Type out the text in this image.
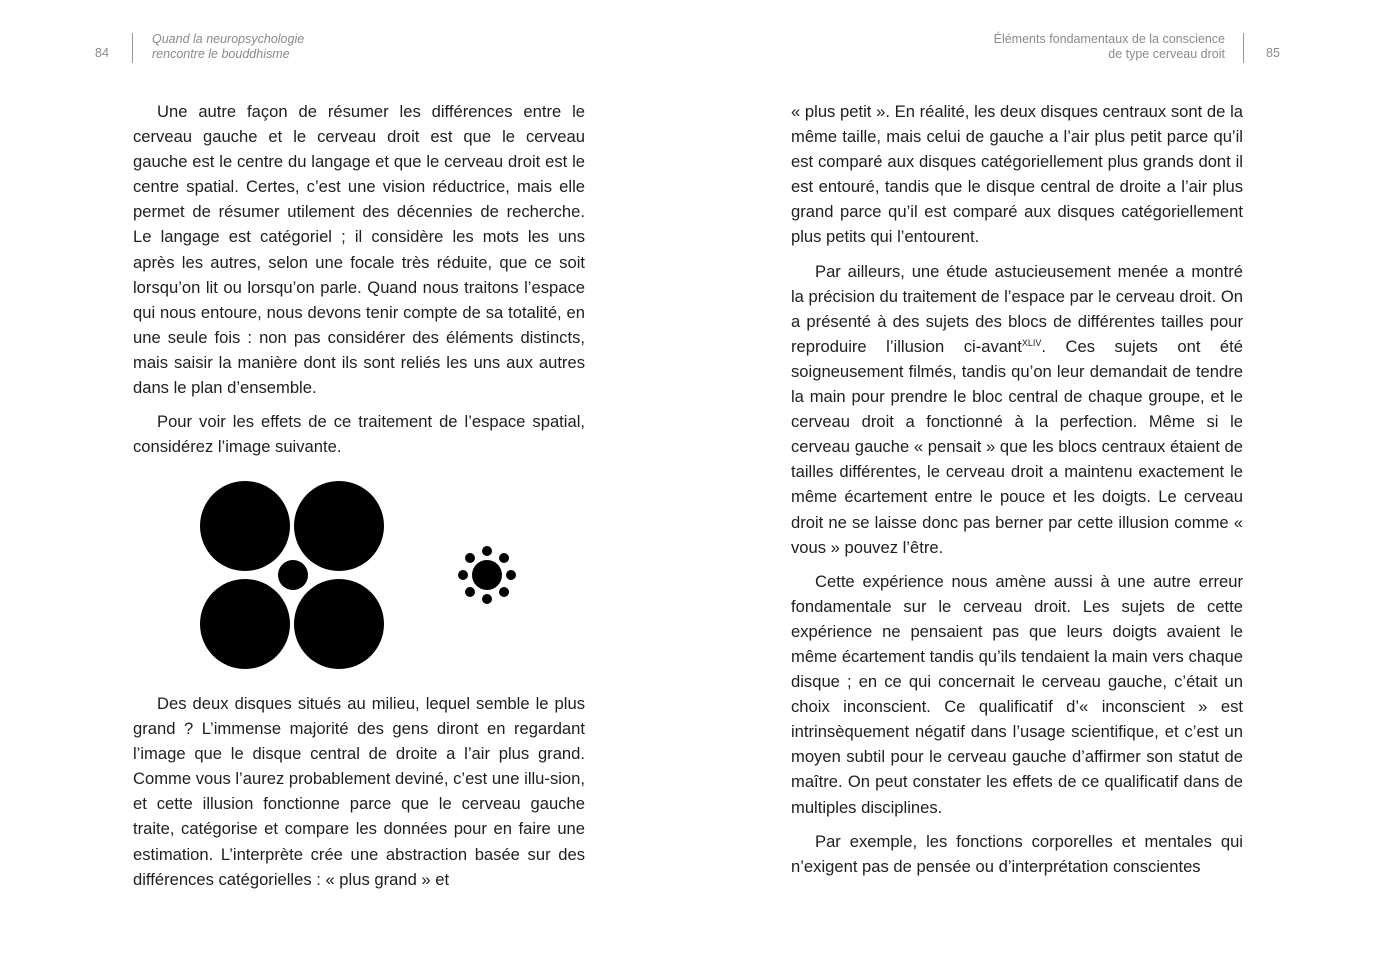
84
Quand la neuropsychologie
rencontre le bouddhisme

Une autre façon de résumer les différences entre le cerveau gauche et le cerveau droit est que le cerveau gauche est le centre du langage et que le cerveau droit est le centre spatial. Certes, c’est une vision réductrice, mais elle permet de résumer utilement des décennies de recherche. Le langage est catégoriel ; il considère les mots les uns après les autres, selon une focale très réduite, que ce soit lorsqu’on lit ou lorsqu’on parle. Quand nous traitons l’espace qui nous entoure, nous devons tenir compte de sa totalité, en une seule fois : non pas considérer des éléments distincts, mais saisir la manière dont ils sont reliés les uns aux autres dans le plan d’ensemble.

Pour voir les effets de ce traitement de l’espace spatial, considérez l’image suivante.

Des deux disques situés au milieu, lequel semble le plus grand ? L’immense majorité des gens diront en regardant l’image que le disque central de droite a l’air plus grand. Comme vous l’aurez probablement deviné, c’est une illu-sion, et cette illusion fonctionne parce que le cerveau gauche traite, catégorise et compare les données pour en faire une estimation. L’interprète crée une abstraction basée sur des différences catégorielles : « plus grand » et

Éléments fondamentaux de la conscience
de type cerveau droit	85

« plus petit ». En réalité, les deux disques centraux sont de la même taille, mais celui de gauche a l’air plus petit parce qu’il est comparé aux disques catégoriellement plus grands dont il est entouré, tandis que le disque central de droite a l’air plus grand parce qu’il est comparé aux disques catégoriellement plus petits qui l’entourent.

Par ailleurs, une étude astucieusement menée a montré la précision du traitement de l’espace par le cerveau droit. On a présenté à des sujets des blocs de différentes tailles pour reproduire l’illusion ci-avant$^{XLIV}$. Ces sujets ont été soigneusement filmés, tandis qu’on leur demandait de tendre la main pour prendre le bloc central de chaque groupe, et le cerveau droit a fonctionné à la perfection. Même si le cerveau gauche « pensait » que les blocs centraux étaient de tailles différentes, le cerveau droit a maintenu exactement le même écartement entre le pouce et les doigts. Le cerveau droit ne se laisse donc pas berner par cette illusion comme « vous » pouvez l’être.

Cette expérience nous amène aussi à une autre erreur fondamentale sur le cerveau droit. Les sujets de cette expérience ne pensaient pas que leurs doigts avaient le même écartement tandis qu’ils tendaient la main vers chaque disque ; en ce qui concernait le cerveau gauche, c’était un choix inconscient. Ce qualificatif d’« inconscient » est intrinsèquement négatif dans l’usage scientifique, et c’est un moyen subtil pour le cerveau gauche d’affirmer son statut de maître. On peut constater les effets de ce qualificatif dans de multiples disciplines.

Par exemple, les fonctions corporelles et mentales qui n’exigent pas de pensée ou d’interprétation conscientes
